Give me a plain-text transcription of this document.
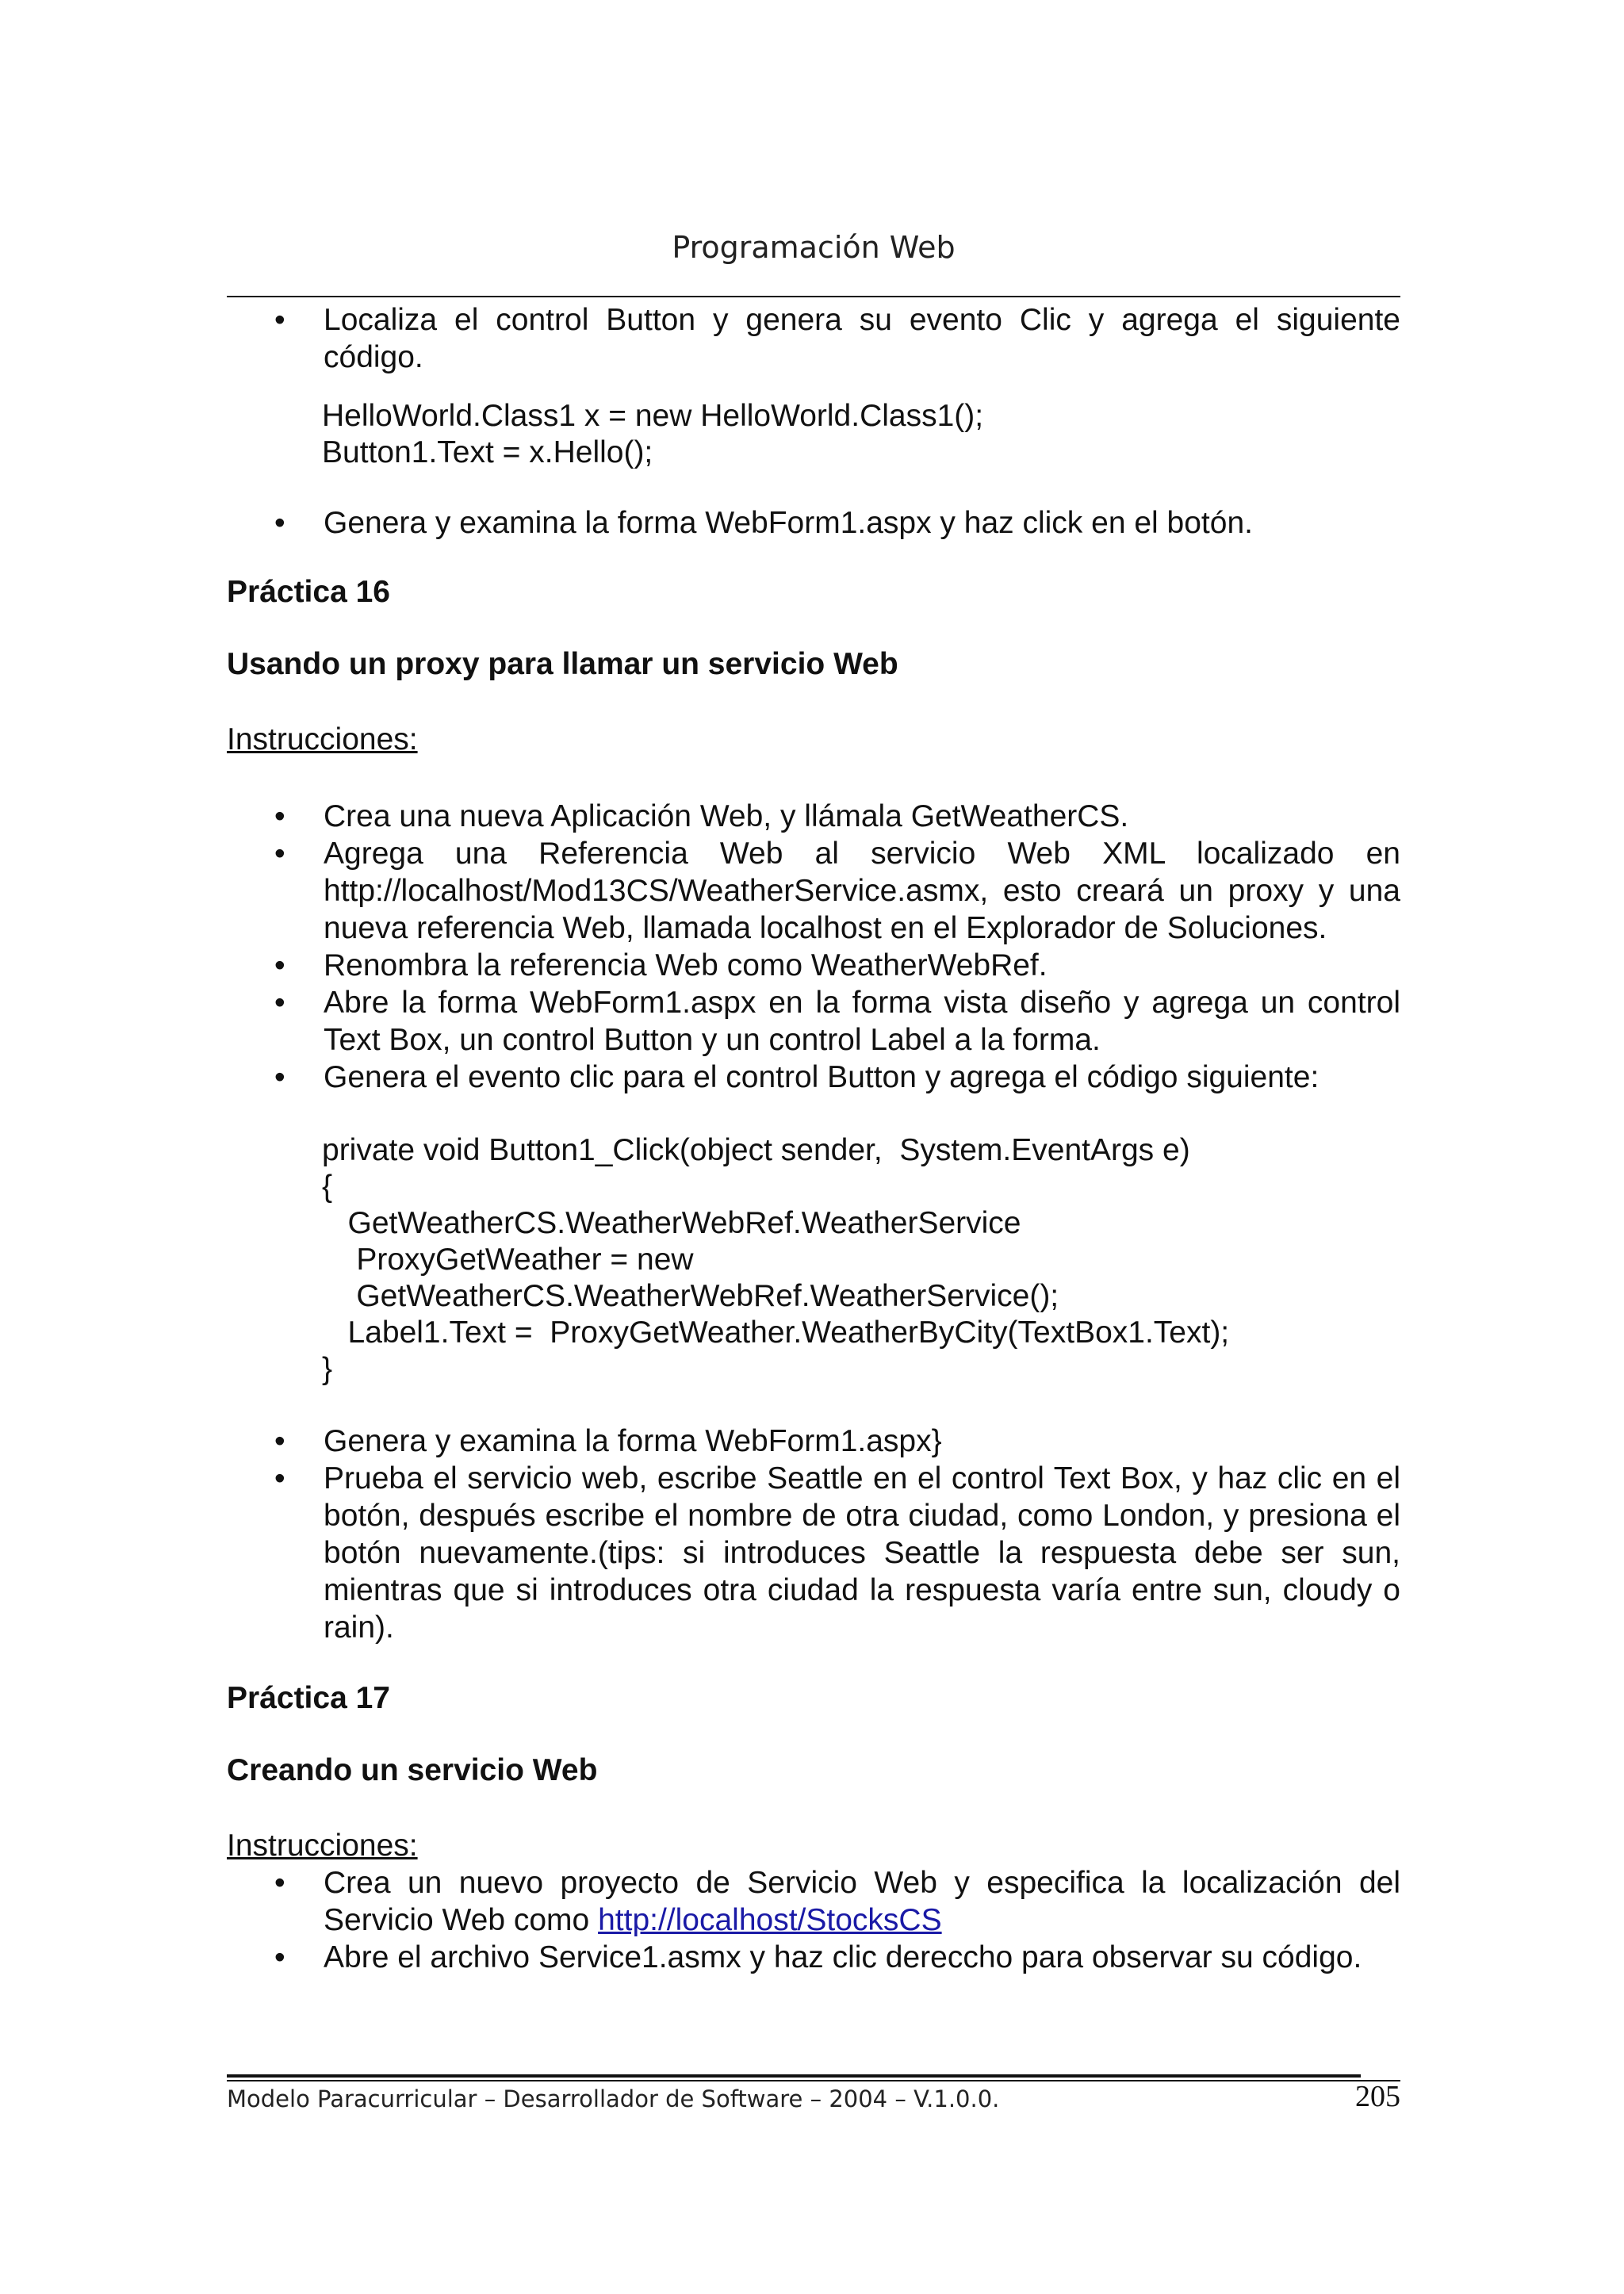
Programación Web
• Localiza el control Button y genera su evento Clic y agrega el siguiente código.
HelloWorld.Class1 x = new HelloWorld.Class1();
Button1.Text = x.Hello();
• Genera y examina la forma WebForm1.aspx y haz click en el botón.

Práctica 16

Usando un proxy para llamar un servicio Web

Instrucciones:

• Crea una nueva Aplicación Web, y llámala GetWeatherCS.
• Agrega una Referencia Web al servicio Web XML localizado en http://localhost/Mod13CS/WeatherService.asmx, esto creará un proxy y una nueva referencia Web, llamada localhost en el Explorador de Soluciones.
• Renombra la referencia Web como WeatherWebRef.
• Abre la forma WebForm1.aspx en la forma vista diseño y agrega un control Text Box, un control Button y un control Label a la forma.
• Genera el evento clic para el control Button y agrega el código siguiente:
private void Button1_Click(object sender,  System.EventArgs e)
{
GetWeatherCS.WeatherWebRef.WeatherService
ProxyGetWeather = new
GetWeatherCS.WeatherWebRef.WeatherService();
Label1.Text =  ProxyGetWeather.WeatherByCity(TextBox1.Text);
}
• Genera y examina la forma WebForm1.aspx}
• Prueba el servicio web, escribe Seattle en el control Text Box, y haz clic en el botón, después escribe el nombre de otra ciudad, como London, y presiona el botón nuevamente.(tips: si introduces Seattle la respuesta debe ser sun, mientras que si introduces otra ciudad la respuesta varía entre sun, cloudy o rain).

Práctica 17

Creando un servicio Web

Instrucciones:

• Crea un nuevo proyecto de Servicio Web y especifica la localización del Servicio Web como http://localhost/StocksCS
• Abre el archivo Service1.asmx y haz clic dereccho para observar su código.
Modelo Paracurricular – Desarrollador de Software – 2004 – V.1.0.0.	205
